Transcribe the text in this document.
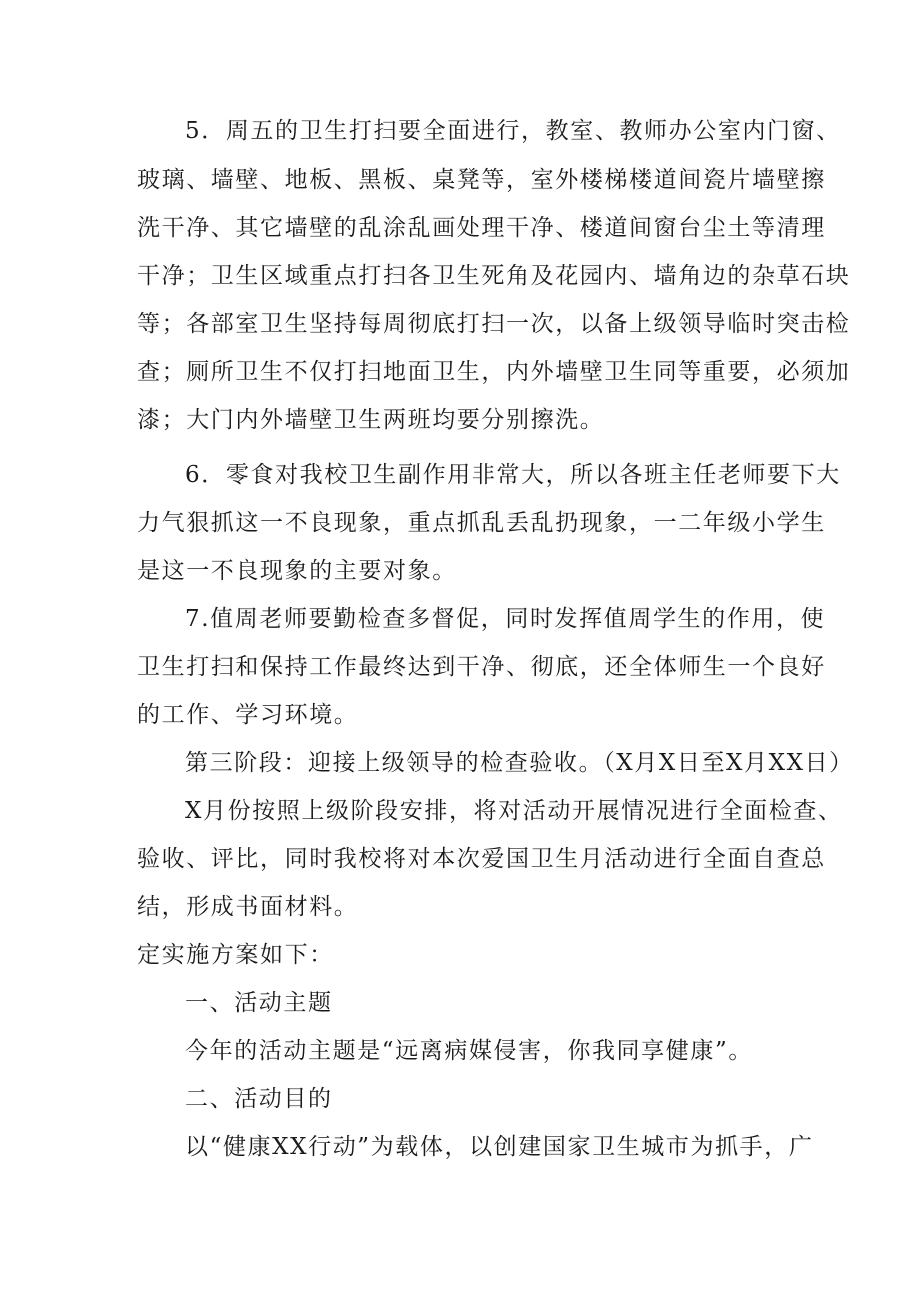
5．周五的卫生打扫要全面进行，教室、教师办公室内门窗、
玻璃、墙壁、地板、黑板、桌凳等，室外楼梯楼道间瓷片墙壁擦
洗干净、其它墙壁的乱涂乱画处理干净、楼道间窗台尘土等清理
干净；卫生区域重点打扫各卫生死角及花园内、墙角边的杂草石块
等；各部室卫生坚持每周彻底打扫一次，以备上级领导临时突击检
查；厕所卫生不仅打扫地面卫生，内外墙壁卫生同等重要，必须加
漆；大门内外墙壁卫生两班均要分别擦洗。
6．零食对我校卫生副作用非常大，所以各班主任老师要下大
力气狠抓这一不良现象，重点抓乱丢乱扔现象，一二年级小学生
是这一不良现象的主要对象。
7.值周老师要勤检查多督促，同时发挥值周学生的作用，使
卫生打扫和保持工作最终达到干净、彻底，还全体师生一个良好
的工作、学习环境。
第三阶段：迎接上级领导的检查验收。（X月X日至X月XX日）
X月份按照上级阶段安排，将对活动开展情况进行全面检查、
验收、评比，同时我校将对本次爱国卫生月活动进行全面自查总
结，形成书面材料。
定实施方案如下：
一、活动主题
今年的活动主题是“远离病媒侵害，你我同享健康”。
二、活动目的
以“健康XX行动”为载体，以创建国家卫生城市为抓手，广
